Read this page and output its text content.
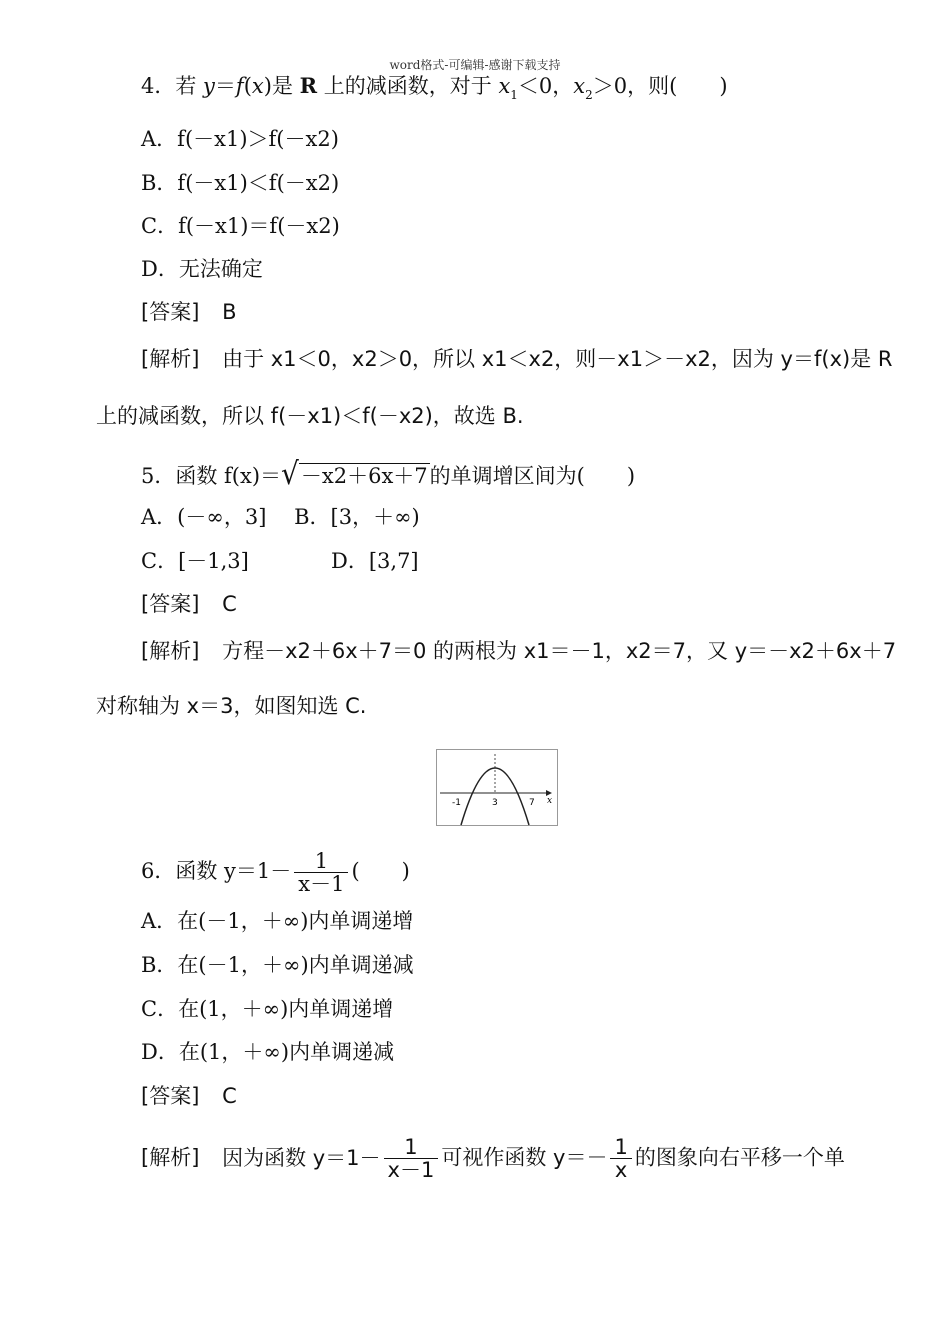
word格式-可编辑-感谢下载支持
4．若 y＝f(x)是 R 上的减函数，对于 $x_1<0$，$x_2>0$，则(　　)
A．f(－x1)＞f(－x2)
B．f(－x1)＜f(－x2)
C．f(－x1)＝f(－x2)
D．无法确定
[答案] B
[解析] 由于 x1＜0，x2＞0，所以 x1＜x2，则－x1＞－x2，因为 y＝f(x)是 R
上的减函数，所以 f(－x1)＜f(－x2)，故选 B.
5．函数 f(x)＝√－x2＋6x＋7的单调增区间为(　　)
A．(－∞，3]　 B．[3，＋∞)
C．[－1,3]	D．[3,7]
[答案] C
[解析] 方程－x2＋6x＋7＝0 的两根为 x1＝－1，x2＝7，又 y＝－x2＋6x＋7
对称轴为 x＝3，如图知选 C.
-1	3	7 x
6．函数 $y=1- \frac{1}{x-1}$ (　　)
A．在(－1，＋∞)内单调递增
B．在(－1，＋∞)内单调递减
C．在(1，＋∞)内单调递增
D．在(1，＋∞)内单调递减
[答案] C
[解析] 因为函数 $y=1- \frac{1}{x-1}$ 可视作函数 $y=- \frac{1}{x}$ 的图象向右平移一个单
